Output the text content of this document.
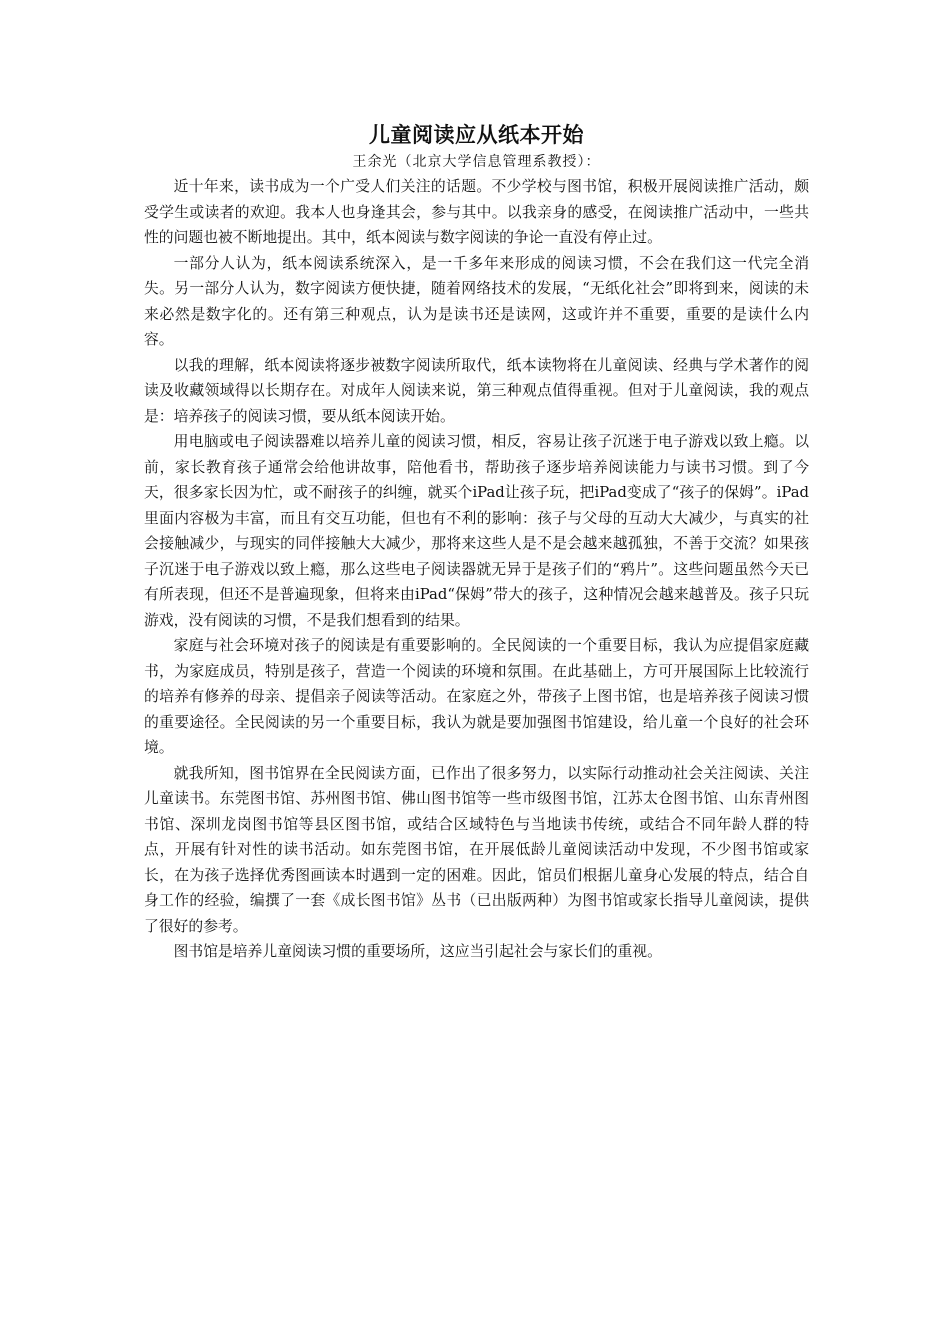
儿童阅读应从纸本开始

王余光（北京大学信息管理系教授）：

近十年来，读书成为一个广受人们关注的话题。不少学校与图书馆，积极开展阅读推广活动，颇受学生或读者的欢迎。我本人也身逢其会，参与其中。以我亲身的感受，在阅读推广活动中，一些共性的问题也被不断地提出。其中，纸本阅读与数字阅读的争论一直没有停止过。

一部分人认为，纸本阅读系统深入，是一千多年来形成的阅读习惯，不会在我们这一代完全消失。另一部分人认为，数字阅读方便快捷，随着网络技术的发展，“无纸化社会”即将到来，阅读的未来必然是数字化的。还有第三种观点，认为是读书还是读网，这或许并不重要，重要的是读什么内容。

以我的理解，纸本阅读将逐步被数字阅读所取代，纸本读物将在儿童阅读、经典与学术著作的阅读及收藏领域得以长期存在。对成年人阅读来说，第三种观点值得重视。但对于儿童阅读，我的观点是：培养孩子的阅读习惯，要从纸本阅读开始。

用电脑或电子阅读器难以培养儿童的阅读习惯，相反，容易让孩子沉迷于电子游戏以致上瘾。以前，家长教育孩子通常会给他讲故事，陪他看书，帮助孩子逐步培养阅读能力与读书习惯。到了今天，很多家长因为忙，或不耐孩子的纠缠，就买个iPad让孩子玩，把iPad变成了“孩子的保姆”。iPad里面内容极为丰富，而且有交互功能，但也有不利的影响：孩子与父母的互动大大减少，与真实的社会接触减少，与现实的同伴接触大大减少，那将来这些人是不是会越来越孤独，不善于交流？如果孩子沉迷于电子游戏以致上瘾，那么这些电子阅读器就无异于是孩子们的“鸦片”。这些问题虽然今天已有所表现，但还不是普遍现象，但将来由iPad“保姆”带大的孩子，这种情况会越来越普及。孩子只玩游戏，没有阅读的习惯，不是我们想看到的结果。

家庭与社会环境对孩子的阅读是有重要影响的。全民阅读的一个重要目标，我认为应提倡家庭藏书，为家庭成员，特别是孩子，营造一个阅读的环境和氛围。在此基础上，方可开展国际上比较流行的培养有修养的母亲、提倡亲子阅读等活动。在家庭之外，带孩子上图书馆，也是培养孩子阅读习惯的重要途径。全民阅读的另一个重要目标，我认为就是要加强图书馆建设，给儿童一个良好的社会环境。

就我所知，图书馆界在全民阅读方面，已作出了很多努力，以实际行动推动社会关注阅读、关注儿童读书。东莞图书馆、苏州图书馆、佛山图书馆等一些市级图书馆，江苏太仓图书馆、山东青州图书馆、深圳龙岗图书馆等县区图书馆，或结合区域特色与当地读书传统，或结合不同年龄人群的特点，开展有针对性的读书活动。如东莞图书馆，在开展低龄儿童阅读活动中发现，不少图书馆或家长，在为孩子选择优秀图画读本时遇到一定的困难。因此，馆员们根据儿童身心发展的特点，结合自身工作的经验，编撰了一套《成长图书馆》丛书（已出版两种）为图书馆或家长指导儿童阅读，提供了很好的参考。

图书馆是培养儿童阅读习惯的重要场所，这应当引起社会与家长们的重视。
